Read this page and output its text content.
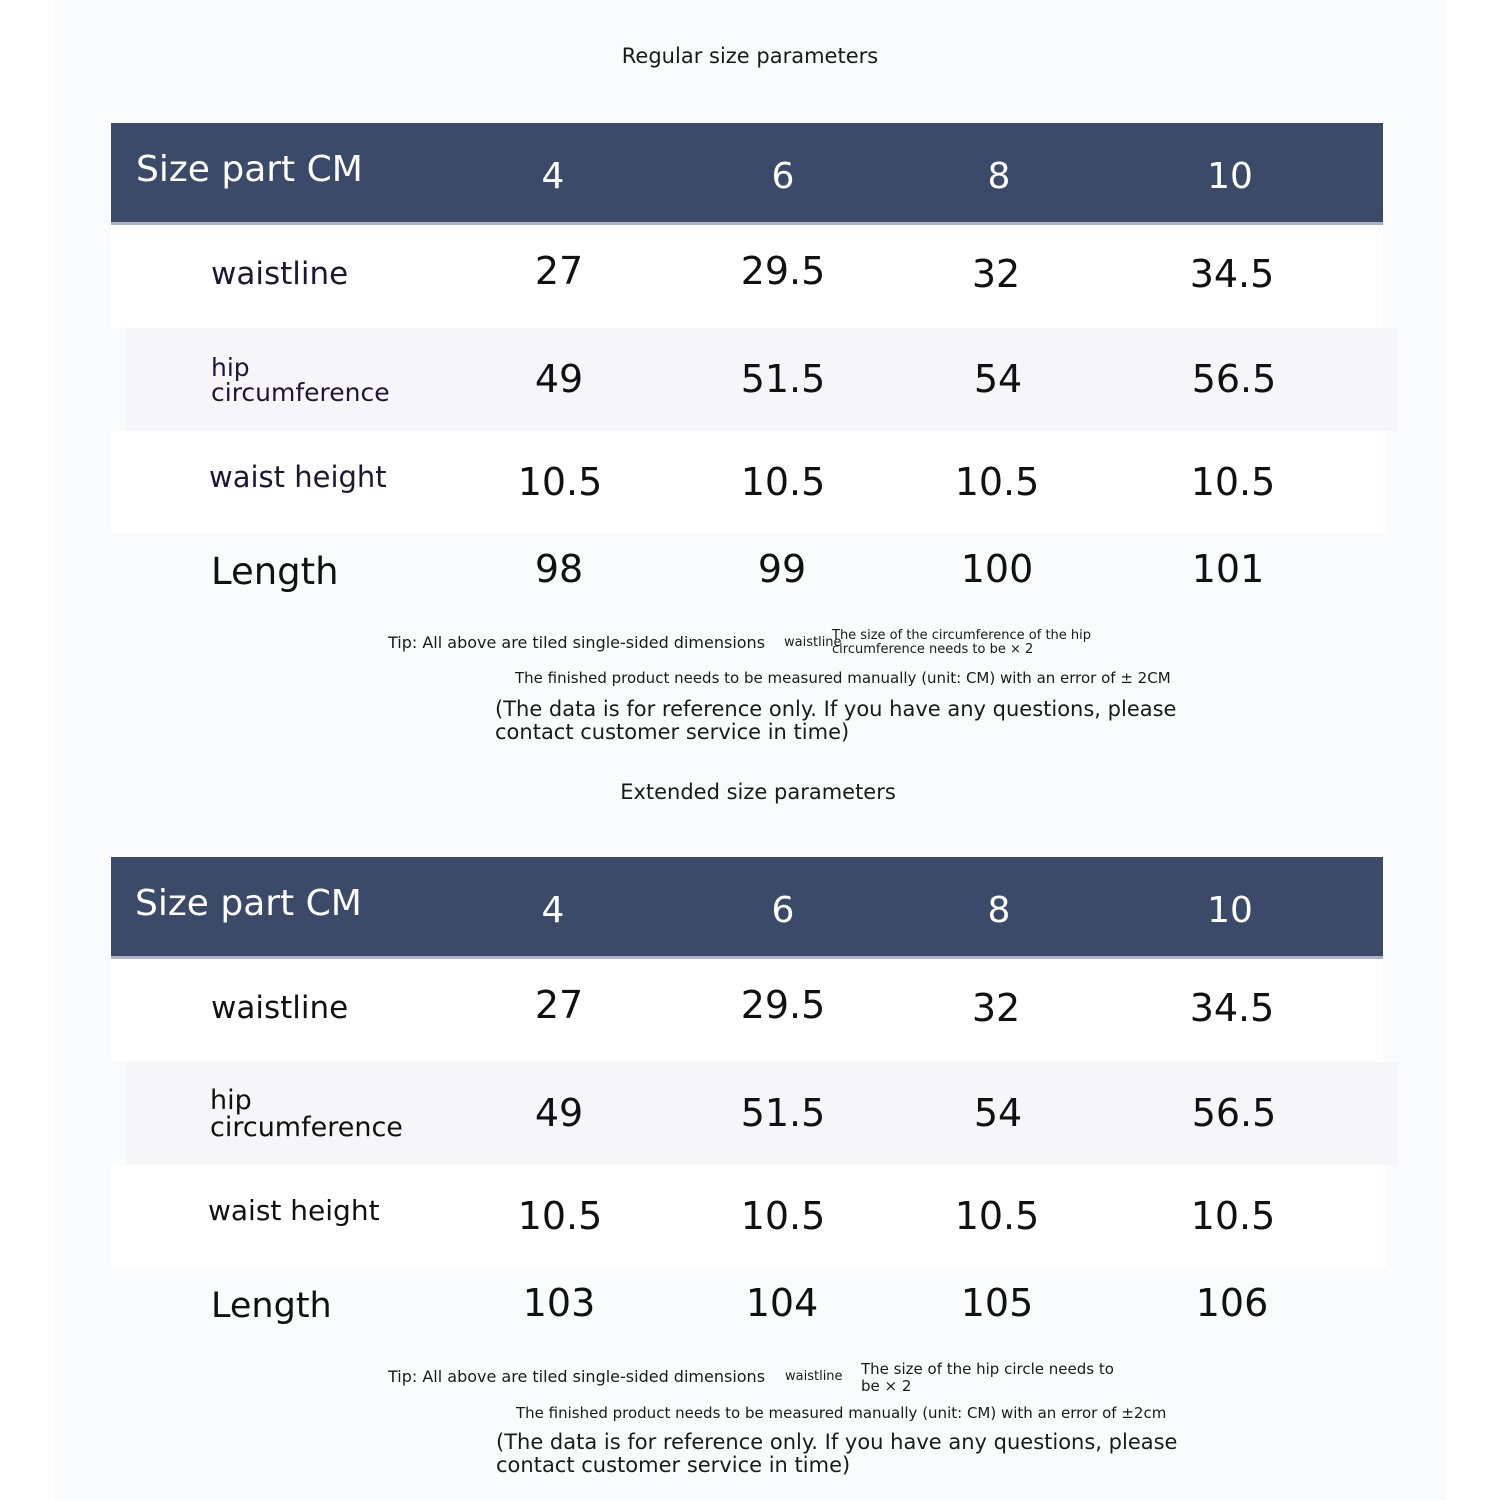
Regular size parameters
Size part CM	4	6	8	10
waistline	27	29.5	32	34.5
hip
circumference	49	51.5	54	56.5
waist height	10.5	10.5	10.5	10.5
Length	98	99	100	101
Tip: All above are tiled single-sided dimensions waistline
The size of the circumference of the hip
circumference needs to be × 2
The finished product needs to be measured manually (unit: CM) with an error of ± 2CM
(The data is for reference only. If you have any questions, please
contact customer service in time)
Extended size parameters
Size part CM	4	6	8	10
waistline	27	29.5	32	34.5
hip
circumference	49	51.5	54	56.5
waist height	10.5	10.5	10.5	10.5
Length	103	104	105	106
Tip: All above are tiled single-sided dimensions waistline The size of the hip circle needs to
be × 2
The finished product needs to be measured manually (unit: CM) with an error of ±2cm
(The data is for reference only. If you have any questions, please
contact customer service in time)
